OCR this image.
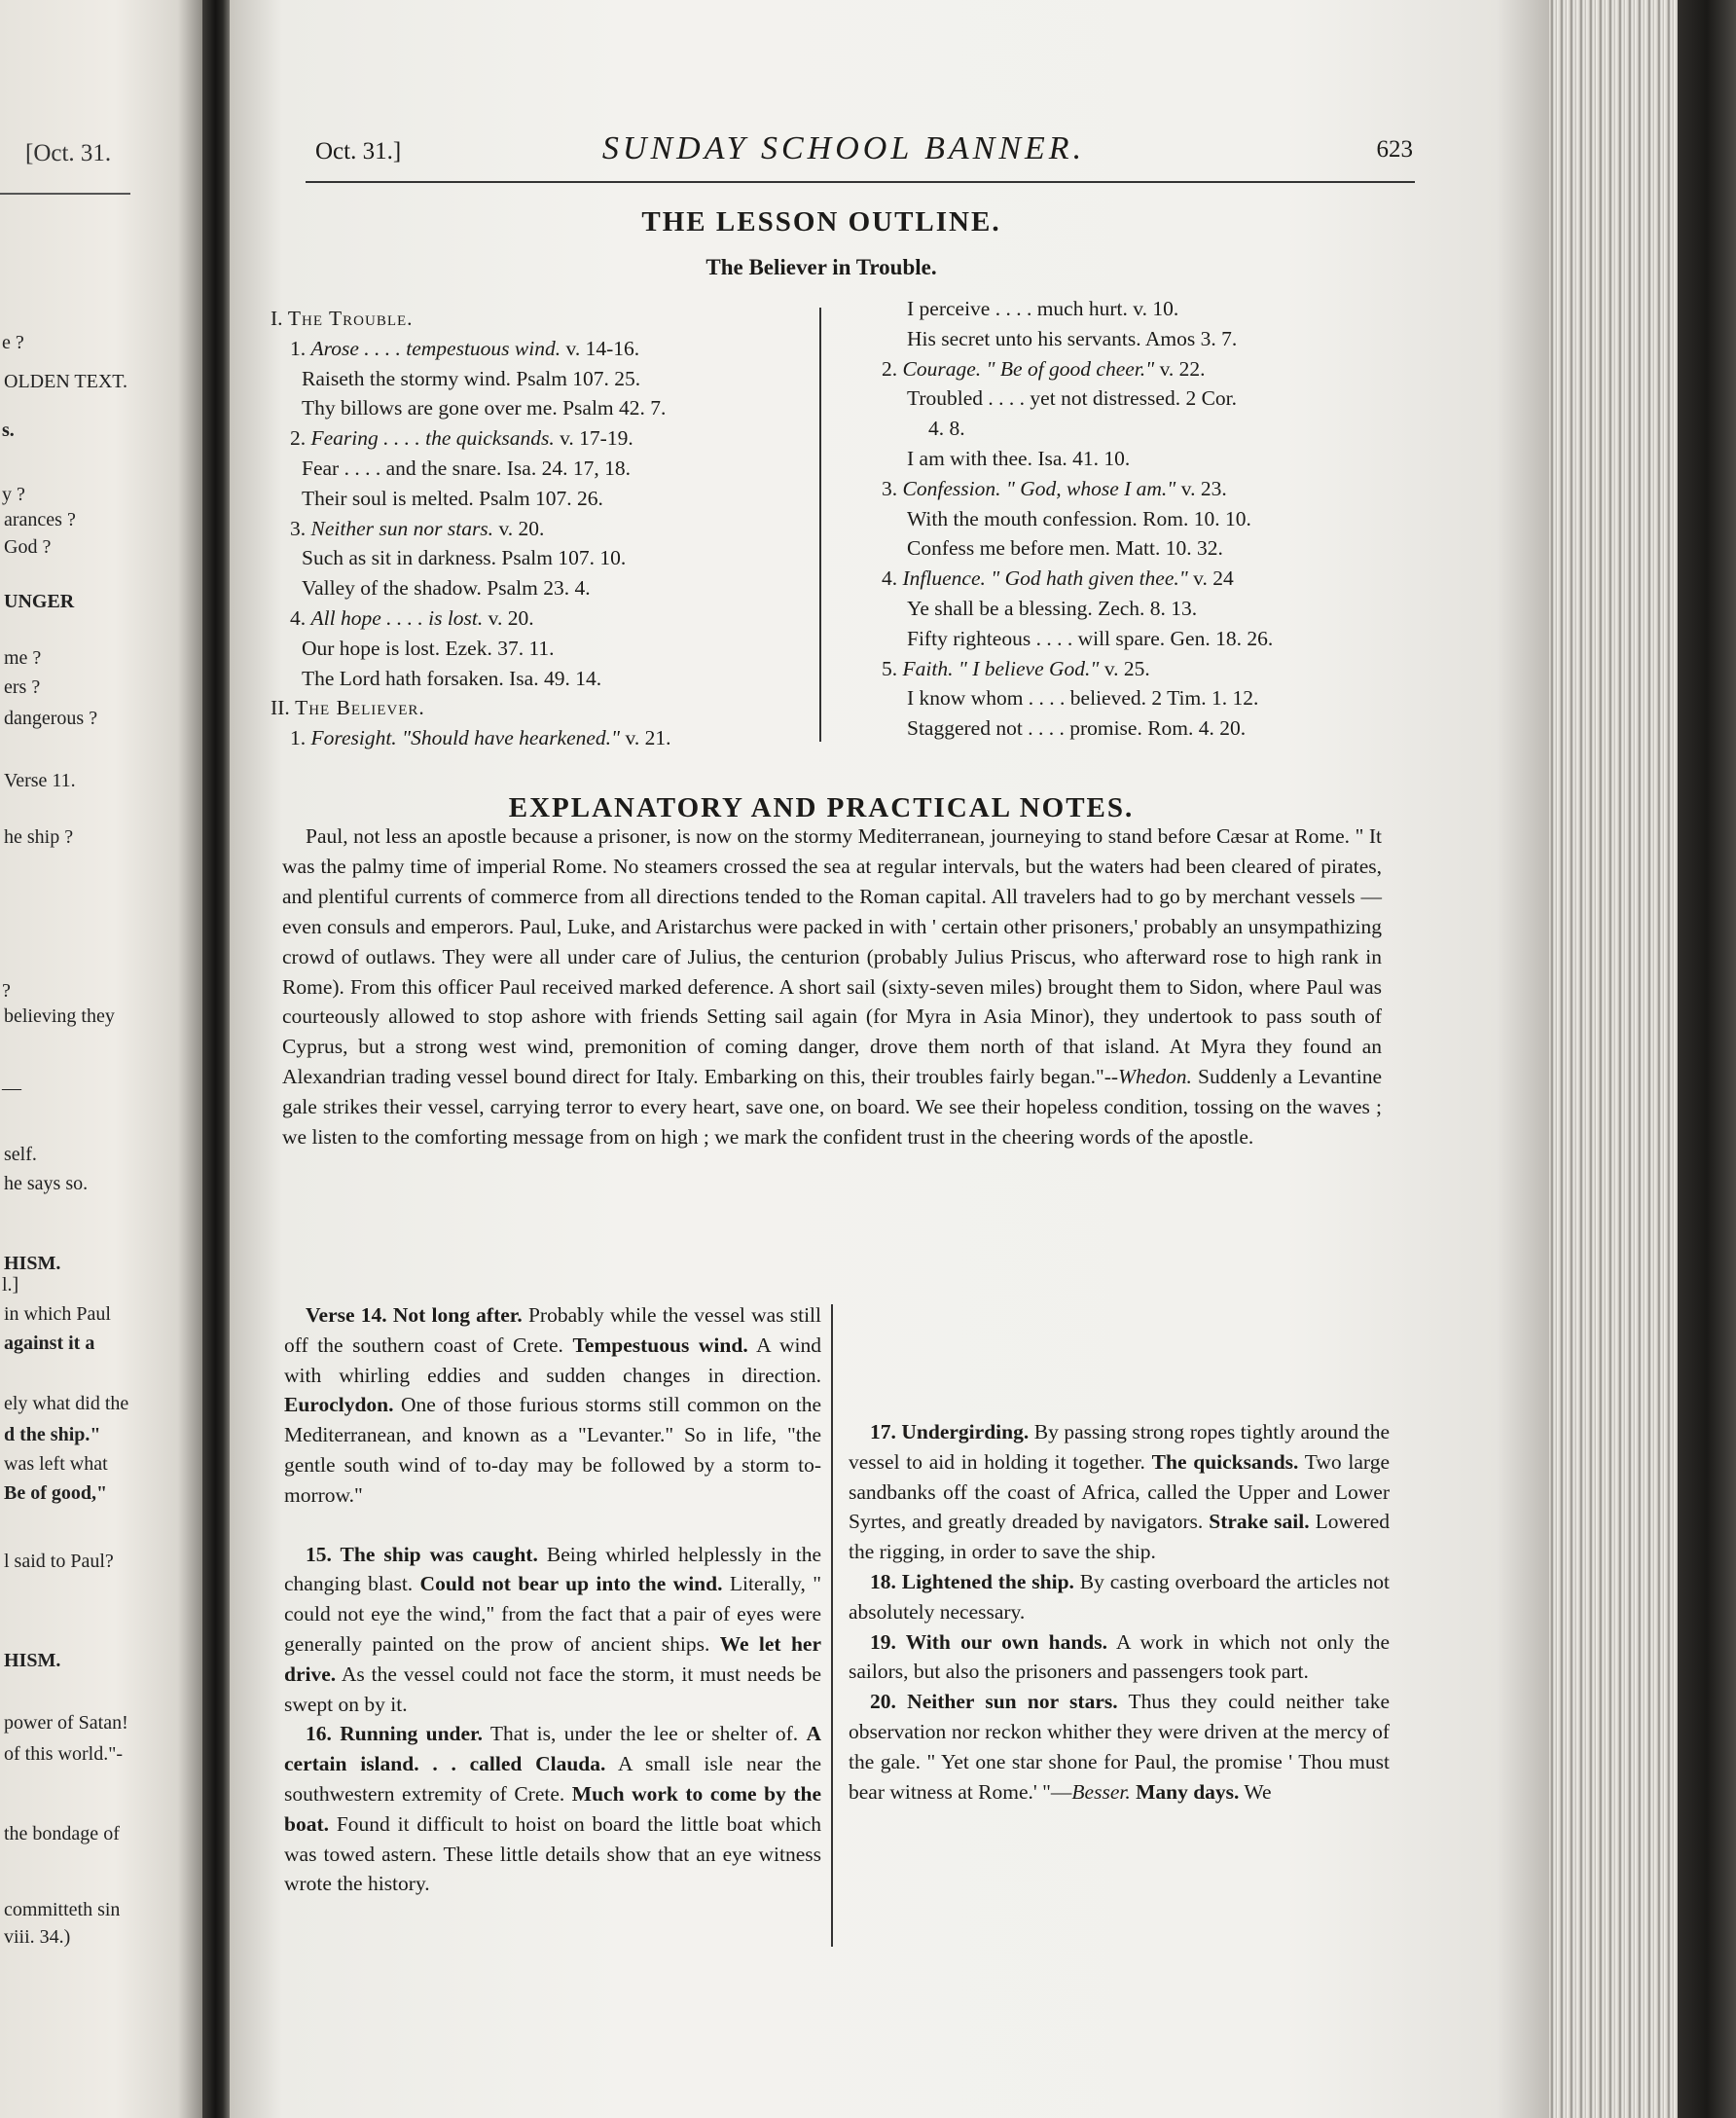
[Oct. 31.
e ?
OLDEN TEXT.
s.
y ?
arances ?
God ?
UNGER
me ?
ers ?
dangerous ?
Verse 11.
he ship ?
?
believing they
—
self.
he says so.
HISM.
l.]
in which Paul
against it a
ely what did the
d the ship."
was left what
Be of good,"
l said to Paul?
HISM.
power of Satan!
of this world."-
the bondage of
committeth sin
viii. 34.)
Oct. 31.]	SUNDAY SCHOOL BANNER.	623
THE LESSON OUTLINE.
The Believer in Trouble.
I. The Trouble.
1. Arose . . . . tempestuous wind. v. 14-16.
Raiseth the stormy wind. Psalm 107. 25.
Thy billows are gone over me. Psalm 42. 7.
2. Fearing . . . . the quicksands. v. 17-19.
Fear . . . . and the snare. Isa. 24. 17, 18.
Their soul is melted. Psalm 107. 26.
3. Neither sun nor stars. v. 20.
Such as sit in darkness. Psalm 107. 10.
Valley of the shadow. Psalm 23. 4.
4. All hope . . . . is lost. v. 20.
Our hope is lost. Ezek. 37. 11.
The Lord hath forsaken. Isa. 49. 14.
II. The Believer.
1. Foresight. "Should have hearkened." v. 21.
I perceive . . . . much hurt. v. 10.
His secret unto his servants. Amos 3. 7.
2. Courage. " Be of good cheer." v. 22.
Troubled . . . . yet not distressed. 2 Cor.
4. 8.
I am with thee. Isa. 41. 10.
3. Confession. " God, whose I am." v. 23.
With the mouth confession. Rom. 10. 10.
Confess me before men. Matt. 10. 32.
4. Influence. " God hath given thee." v. 24
Ye shall be a blessing. Zech. 8. 13.
Fifty righteous . . . . will spare. Gen. 18. 26.
5. Faith. " I believe God." v. 25.
I know whom . . . . believed. 2 Tim. 1. 12.
Staggered not . . . . promise. Rom. 4. 20.
EXPLANATORY AND PRACTICAL NOTES.

Paul, not less an apostle because a prisoner, is now on the stormy Mediterranean, journeying to stand before Cæsar at Rome. " It was the palmy time of imperial Rome. No steamers crossed the sea at regular intervals, but the waters had been cleared of pirates, and plentiful currents of commerce from all directions tended to the Roman capital. All travelers had to go by merchant vessels —even consuls and emperors. Paul, Luke, and Aristarchus were packed in with ' certain other prisoners,' probably an unsympathizing crowd of outlaws. They were all under care of Julius, the centurion (probably Julius Priscus, who afterward rose to high rank in Rome). From this officer Paul received marked deference. A short sail (sixty-seven miles) brought them to Sidon, where Paul was courteously allowed to stop ashore with friends Setting sail again (for Myra in Asia Minor), they undertook to pass south of Cyprus, but a strong west wind, premonition of coming danger, drove them north of that island. At Myra they found an Alexandrian trading vessel bound direct for Italy. Embarking on this, their troubles fairly began."--Whedon. Suddenly a Levantine gale strikes their vessel, carrying terror to every heart, save one, on board. We see their hopeless condition, tossing on the waves ; we listen to the comforting message from on high ; we mark the confident trust in the cheering words of the apostle.

Verse 14. Not long after. Probably while the vessel was still off the southern coast of Crete. Tempestuous wind. A wind with whirling eddies and sudden changes in direction. Euroclydon. One of those furious storms still common on the Mediterranean, and known as a "Levanter." So in life, "the gentle south wind of to-day may be followed by a storm to-morrow."

15. The ship was caught. Being whirled helplessly in the changing blast. Could not bear up into the wind. Literally, " could not eye the wind," from the fact that a pair of eyes were generally painted on the prow of ancient ships. We let her drive. As the vessel could not face the storm, it must needs be swept on by it.

16. Running under. That is, under the lee or shelter of. A certain island. . . called Clauda. A small isle near the southwestern extremity of Crete. Much work to come by the boat. Found it difficult to hoist on board the little boat which was towed astern. These little details show that an eye witness wrote the history.

17. Undergirding. By passing strong ropes tightly around the vessel to aid in holding it together. The quicksands. Two large sandbanks off the coast of Africa, called the Upper and Lower Syrtes, and greatly dreaded by navigators. Strake sail. Lowered the rigging, in order to save the ship.

18. Lightened the ship. By casting overboard the articles not absolutely necessary.

19. With our own hands. A work in which not only the sailors, but also the prisoners and passengers took part.

20. Neither sun nor stars. Thus they could neither take observation nor reckon whither they were driven at the mercy of the gale. " Yet one star shone for Paul, the promise ' Thou must bear witness at Rome.' "—Besser. Many days. We
